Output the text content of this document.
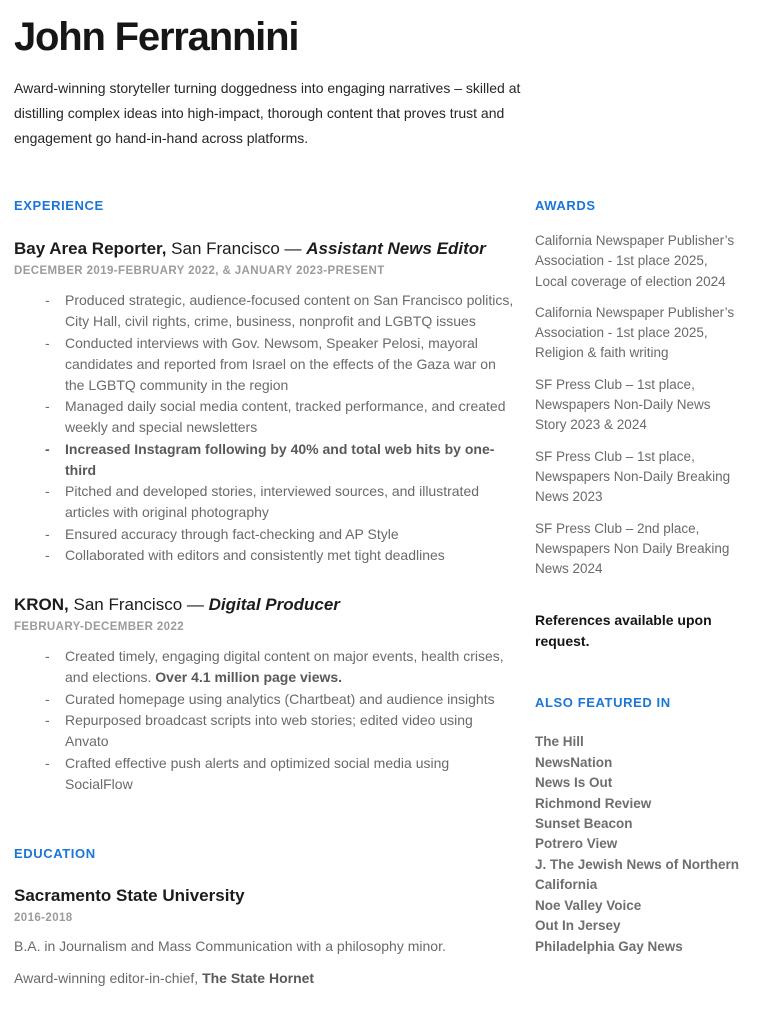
John Ferrannini

Award-winning storyteller turning doggedness into engaging narratives – skilled at distilling complex ideas into high-impact, thorough content that proves trust and engagement go hand-in-hand across platforms.

EXPERIENCE
Bay Area Reporter, San Francisco — Assistant News Editor
DECEMBER 2019-FEBRUARY 2022, & JANUARY 2023-PRESENT
- Produced strategic, audience-focused content on San Francisco politics, City Hall, civil rights, crime, business, nonprofit and LGBTQ issues
- Conducted interviews with Gov. Newsom, Speaker Pelosi, mayoral candidates and reported from Israel on the effects of the Gaza war on the LGBTQ community in the region
- Managed daily social media content, tracked performance, and created weekly and special newsletters
- Increased Instagram following by 40% and total web hits by one-third
- Pitched and developed stories, interviewed sources, and illustrated articles with original photography
- Ensured accuracy through fact-checking and AP Style
- Collaborated with editors and consistently met tight deadlines
KRON, San Francisco — Digital Producer
FEBRUARY-DECEMBER 2022
- Created timely, engaging digital content on major events, health crises, and elections. Over 4.1 million page views.
- Curated homepage using analytics (Chartbeat) and audience insights
- Repurposed broadcast scripts into web stories; edited video using Anvato
- Crafted effective push alerts and optimized social media using SocialFlow
EDUCATION
Sacramento State University
2016-2018
B.A. in Journalism and Mass Communication with a philosophy minor.
Award-winning editor-in-chief, The State Hornet
AWARDS

California Newspaper Publisher’s Association - 1st place 2025, Local coverage of election 2024

California Newspaper Publisher’s Association - 1st place 2025, Religion & faith writing

SF Press Club – 1st place, Newspapers Non-Daily News Story 2023 & 2024

SF Press Club – 1st place, Newspapers Non-Daily Breaking News 2023

SF Press Club – 2nd place, Newspapers Non Daily Breaking News 2024

References available upon request.

ALSO FEATURED IN
The Hill
NewsNation
News Is Out
Richmond Review
Sunset Beacon
Potrero View
J. The Jewish News of Northern California
Noe Valley Voice
Out In Jersey
Philadelphia Gay News
